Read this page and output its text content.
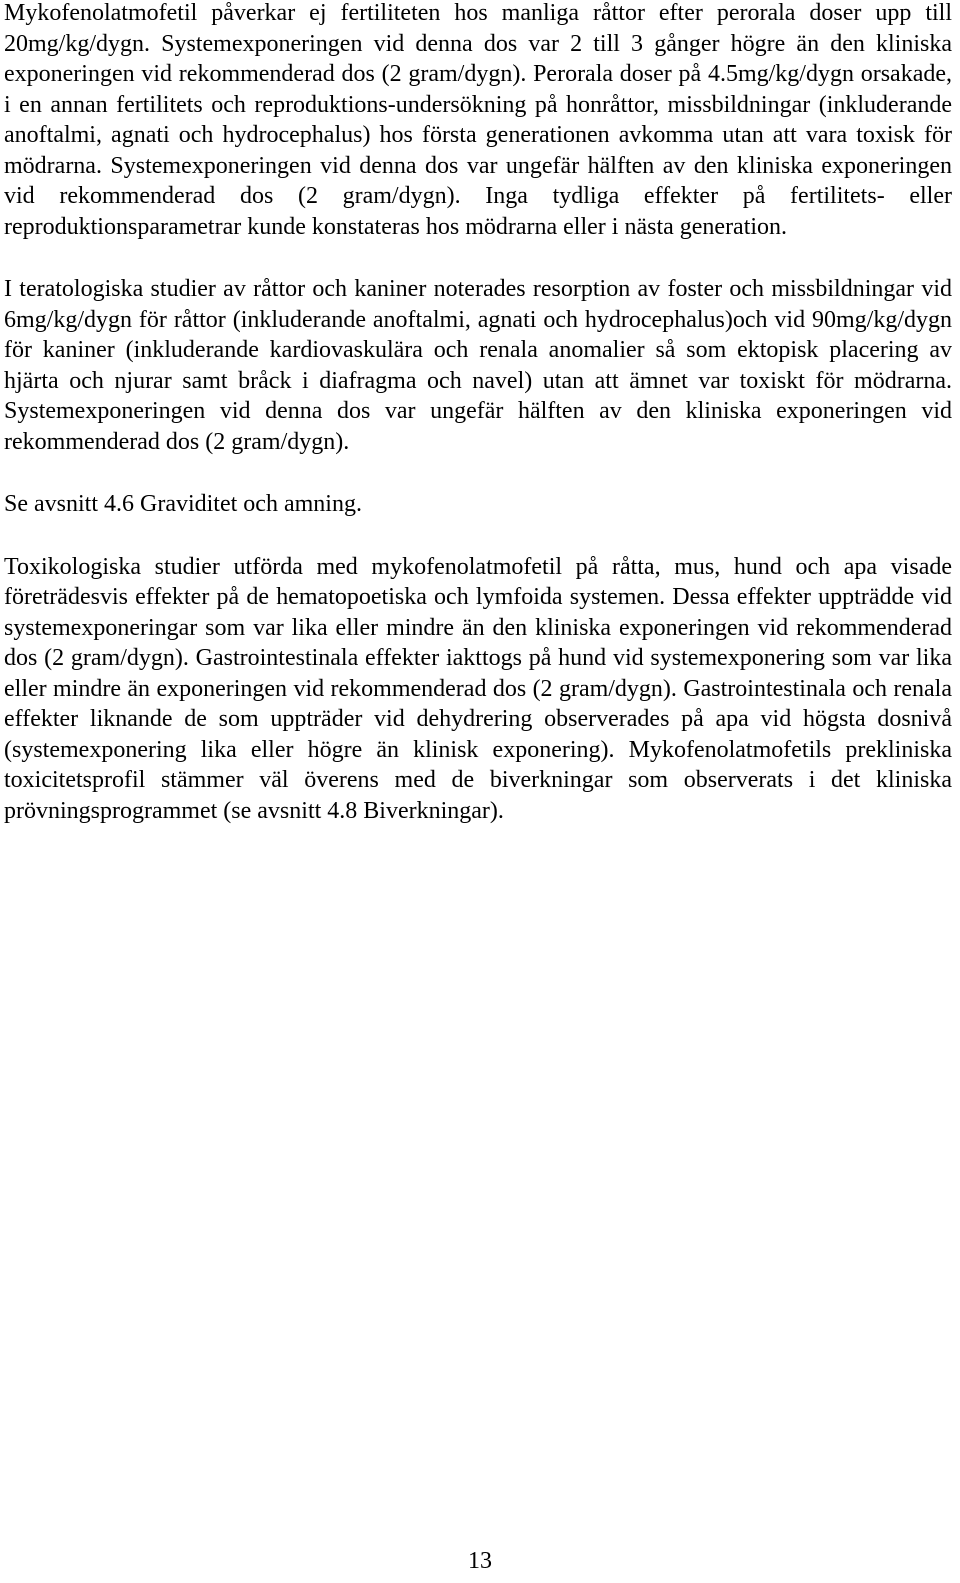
Mykofenolatmofetil påverkar ej fertiliteten hos manliga råttor efter perorala doser upp till 20mg/kg/dygn. Systemexponeringen vid denna dos var 2 till 3 gånger högre än den kliniska exponeringen vid rekommenderad dos (2 gram/dygn). Perorala doser på 4.5mg/kg/dygn orsakade, i en annan fertilitets och reproduktions-undersökning på honråttor, missbildningar (inkluderande anoftalmi, agnati och hydrocephalus) hos första generationen avkomma utan att vara toxisk för mödrarna. Systemexponeringen vid denna dos var ungefär hälften av den kliniska exponeringen vid rekommenderad dos (2 gram/dygn). Inga tydliga effekter på fertilitets- eller reproduktionsparametrar kunde konstateras hos mödrarna eller i nästa generation.

I teratologiska studier av råttor och kaniner noterades resorption av foster och missbildningar vid 6mg/kg/dygn för råttor (inkluderande anoftalmi, agnati och hydrocephalus)och vid 90mg/kg/dygn för kaniner (inkluderande kardiovaskulära och renala anomalier så som ektopisk placering av hjärta och njurar samt bråck i diafragma och navel) utan att ämnet var toxiskt för mödrarna. Systemexponeringen vid denna dos var ungefär hälften av den kliniska exponeringen vid rekommenderad dos (2 gram/dygn).

Se avsnitt 4.6 Graviditet och amning.

Toxikologiska studier utförda med mykofenolatmofetil på råtta, mus, hund och apa visade företrädesvis effekter på de hematopoetiska och lymfoida systemen. Dessa effekter uppträdde vid systemexponeringar som var lika eller mindre än den kliniska exponeringen vid rekommenderad dos (2 gram/dygn). Gastrointestinala effekter iakttogs på hund vid systemexponering som var lika eller mindre än exponeringen vid rekommenderad dos (2 gram/dygn). Gastrointestinala och renala effekter liknande de som uppträder vid dehydrering observerades på apa vid högsta dosnivå (systemexponering lika eller högre än klinisk exponering). Mykofenolatmofetils prekliniska toxicitetsprofil stämmer väl överens med de biverkningar som observerats i det kliniska prövningsprogrammet (se avsnitt 4.8 Biverkningar).

13
